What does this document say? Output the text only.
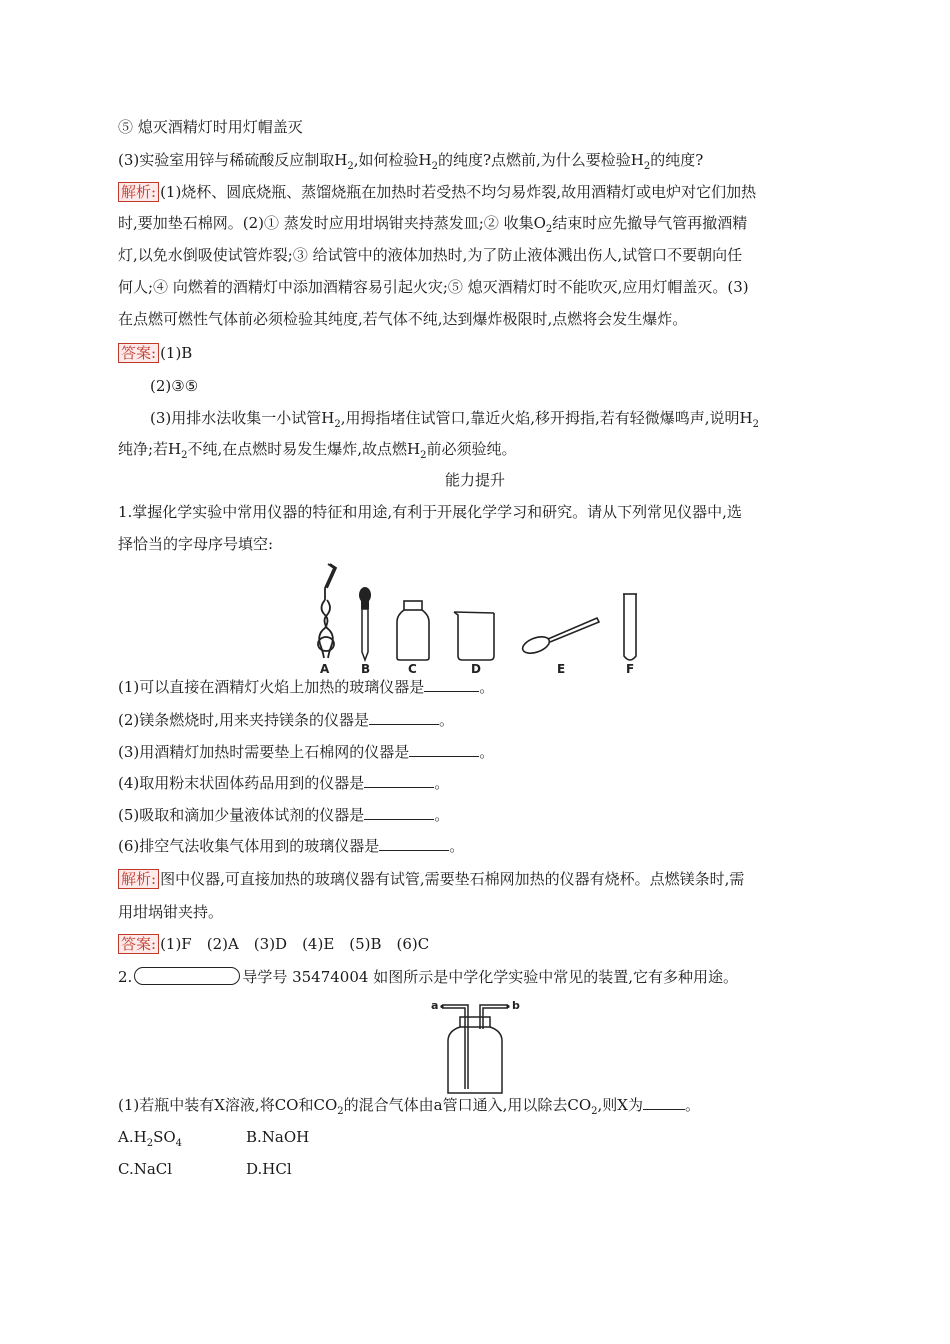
⑤ 熄灭酒精灯时用灯帽盖灭
(3)实验室用锌与稀硫酸反应制取$H_2$,如何检验$H_2$的纯度?点燃前,为什么要检验$H_2$的纯度?
解析: (1)烧杯、圆底烧瓶、蒸馏烧瓶在加热时若受热不均匀易炸裂,故用酒精灯或电炉对它们加热
时,要加垫石棉网。(2)① 蒸发时应用坩埚钳夹持蒸发皿;② 收集$O_2$结束时应先撤导气管再撤酒精
灯,以免水倒吸使试管炸裂;③ 给试管中的液体加热时,为了防止液体溅出伤人,试管口不要朝向任
何人;④ 向燃着的酒精灯中添加酒精容易引起火灾;⑤ 熄灭酒精灯时不能吹灭,应用灯帽盖灭。(3)
在点燃可燃性气体前必须检验其纯度,若气体不纯,达到爆炸极限时,点燃将会发生爆炸。
答案: (1)B
(2)③⑤
(3)用排水法收集一小试管$H_2$,用拇指堵住试管口,靠近火焰,移开拇指,若有轻微爆鸣声,说明$H_2$
纯净;若$H_2$不纯,在点燃时易发生爆炸,故点燃$H_2$前必须验纯。
能力提升
1.掌握化学实验中常用仪器的特征和用途,有利于开展化学学习和研究。请从下列常见仪器中,选
择恰当的字母序号填空:
A	B	C	D	E	F
(1)可以直接在酒精灯火焰上加热的玻璃仪器是	。
(2)镁条燃烧时,用来夹持镁条的仪器是	。
(3)用酒精灯加热时需要垫上石棉网的仪器是	。
(4)取用粉末状固体药品用到的仪器是	。
(5)吸取和滴加少量液体试剂的仪器是	。
(6)排空气法收集气体用到的玻璃仪器是	。
解析: 图中仪器,可直接加热的玻璃仪器有试管,需要垫石棉网加热的仪器有烧杯。点燃镁条时,需
用坩埚钳夹持。
答案: (1)F　(2)A　(3)D　(4)E　(5)B　(6)C
2.	导学号 35474004 如图所示是中学化学实验中常见的装置,它有多种用途。
a	b
(1)若瓶中装有X溶液,将CO和$CO_2$的混合气体由a管口通入,用以除去$CO_2$,则X为	。
$A.H_2SO_4$	B.NaOH
C.NaCl	D.HCl
